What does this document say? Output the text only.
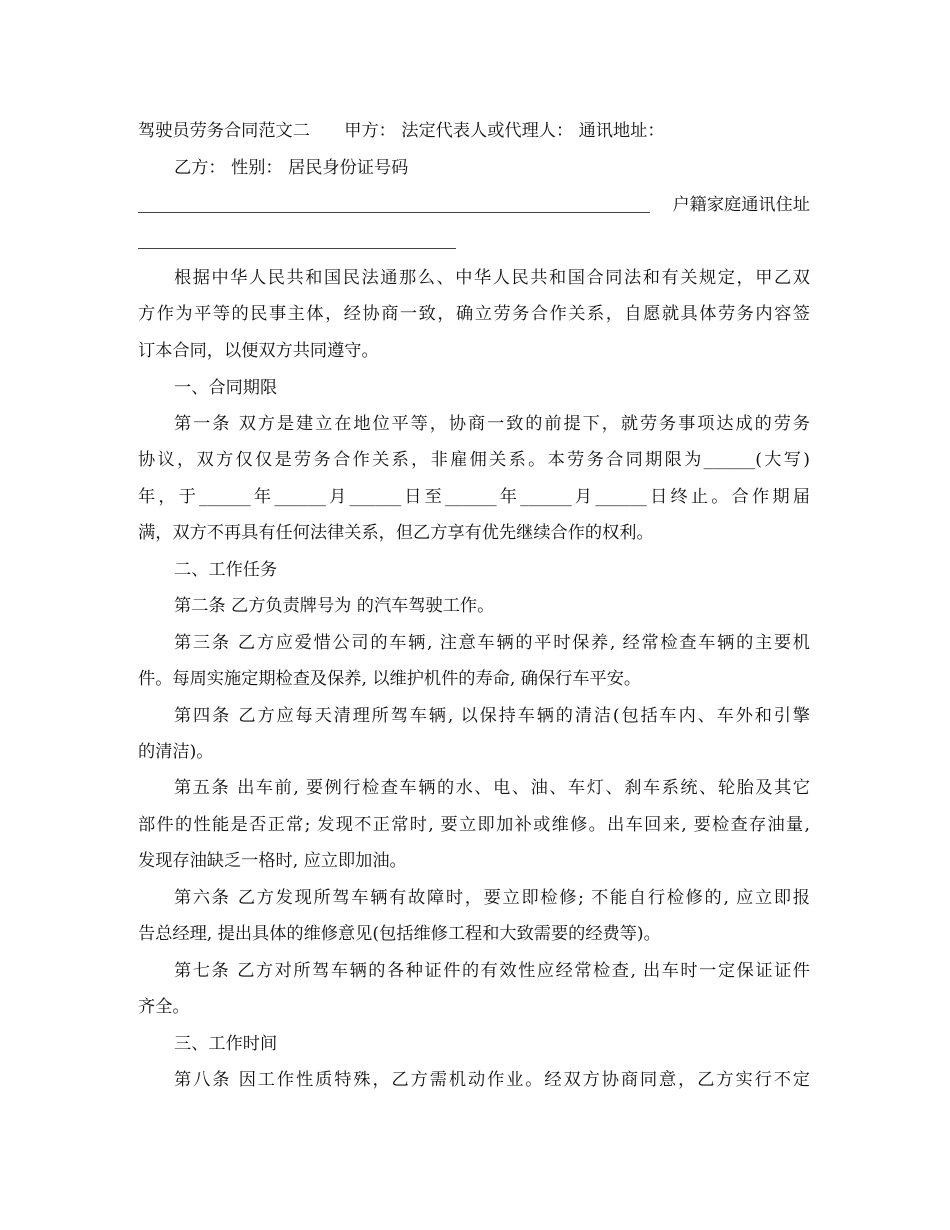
驾驶员劳务合同范文二　　甲方： 法定代表人或代理人： 通讯地址：
乙方： 性别： 居民身份证号码
户籍家庭通讯住址
根据中华人民共和国民法通那么、中华人民共和国合同法和有关规定，甲乙双
方作为平等的民事主体，经协商一致，确立劳务合作关系，自愿就具体劳务内容签
订本合同，以便双方共同遵守。
一、合同期限
第一条 双方是建立在地位平等，协商一致的前提下，就劳务事项达成的劳务
协议，双方仅仅是劳务合作关系，非雇佣关系。本劳务合同期限为______(大写)
年，于______年______月______日至______年______月______日终止。合作期届
满，双方不再具有任何法律关系，但乙方享有优先继续合作的权利。
二、工作任务
第二条 乙方负责牌号为 的汽车驾驶工作。
第三条 乙方应爱惜公司的车辆, 注意车辆的平时保养, 经常检查车辆的主要机
件。每周实施定期检查及保养, 以维护机件的寿命, 确保行车平安。
第四条 乙方应每天清理所驾车辆, 以保持车辆的清洁(包括车内、车外和引擎
的清洁)。
第五条 出车前, 要例行检查车辆的水、电、油、车灯、刹车系统、轮胎及其它
部件的性能是否正常; 发现不正常时, 要立即加补或维修。出车回来, 要检查存油量,
发现存油缺乏一格时, 应立即加油。
第六条 乙方发现所驾车辆有故障时，要立即检修; 不能自行检修的, 应立即报
告总经理, 提出具体的维修意见(包括维修工程和大致需要的经费等)。
第七条 乙方对所驾车辆的各种证件的有效性应经常检查, 出车时一定保证证件
齐全。
三、工作时间
第八条 因工作性质特殊，乙方需机动作业。经双方协商同意，乙方实行不定
